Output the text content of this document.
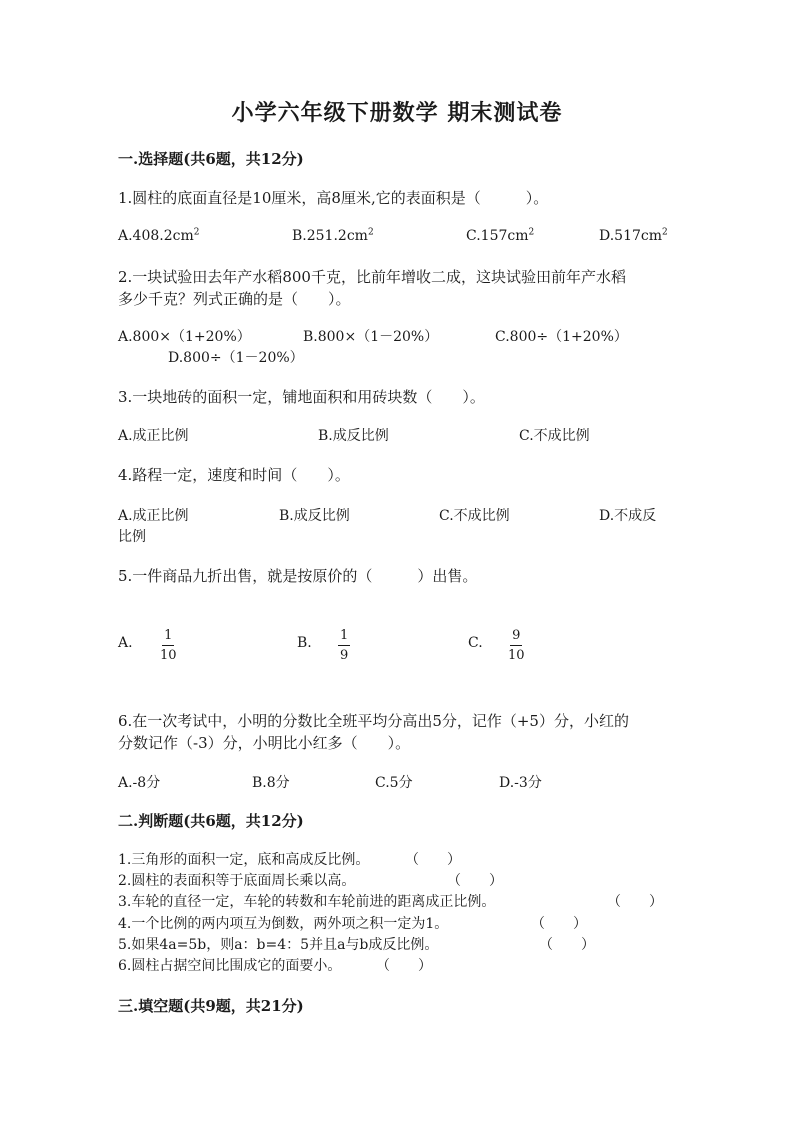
小学六年级下册数学 期末测试卷
一.选择题(共6题，共12分)
1.圆柱的底面直径是10厘米，高8厘米,它的表面积是（　　　）。
$A.408.2cm^2$	$B.251.2cm^2$	$C.157cm^2$	$D.517cm^2$
2.一块试验田去年产水稻800千克，比前年增收二成，这块试验田前年产水稻
多少千克？列式正确的是（　　）。
A.800×（1+20%）	B.800×（1－20%）	C.800÷（1+20%）
D.800÷（1－20%）
3.一块地砖的面积一定，铺地面积和用砖块数（　　）。
A.成正比例	B.成反比例	C.不成比例
4.路程一定，速度和时间（　　）。
A.成正比例	B.成反比例	C.不成比例	D.不成反
比例
5.一件商品九折出售，就是按原价的（　　　）出售。
A. $\frac{1}{10}$	B. $\frac{1}{9}$	C. $\frac{9}{10}$
6.在一次考试中，小明的分数比全班平均分高出5分，记作（+5）分，小红的
分数记作（-3）分，小明比小红多（　　）。
A.-8分	B.8分	C.5分	D.-3分
二.判断题(共6题，共12分)
1.三角形的面积一定，底和高成反比例。	（　　）
2.圆柱的表面积等于底面周长乘以高。	（　　）
3.车轮的直径一定，车轮的转数和车轮前进的距离成正比例。	（　　）
4.一个比例的两内项互为倒数，两外项之积一定为1。	（　　）
5.如果4a=5b，则a：b=4：5并且a与b成反比例。	（　　）
6.圆柱占据空间比围成它的面要小。 （　　）
三.填空题(共9题，共21分)
